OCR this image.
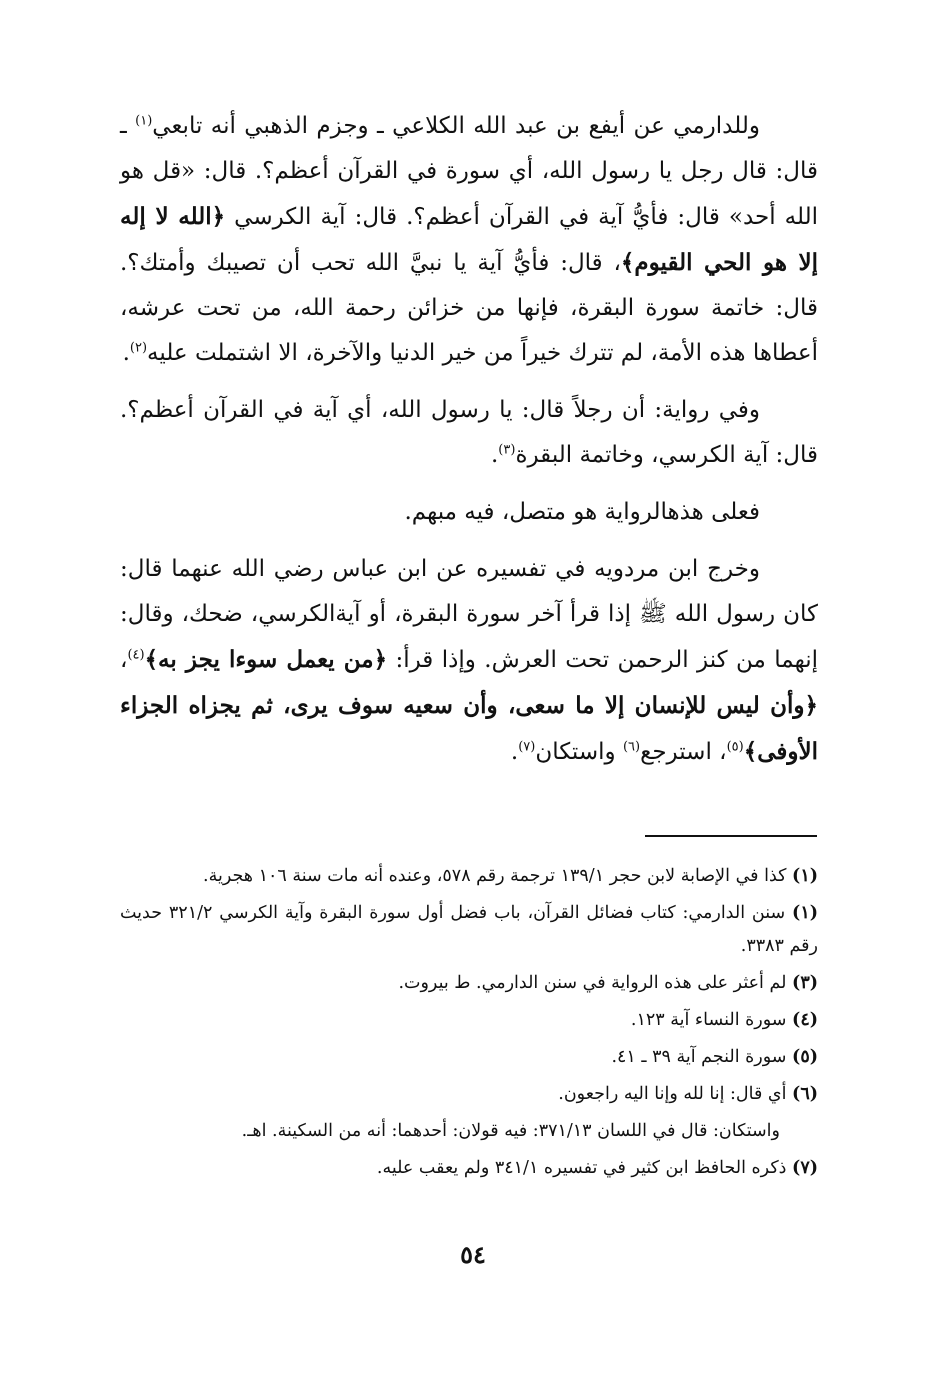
وللدارمي عن أيفع بن عبد الله الكلاعي ـ وجزم الذهبي أنه تابعي$^{(١)}$ ـ قال: قال رجل يا رسول الله، أي سورة في القرآن أعظم؟. قال: «قل هو الله أحد» قال: فأيُّ آية في القرآن أعظم؟. قال: آية الكرسي ﴿الله لا إله إلا هو الحي القيوم﴾، قال: فأيُّ آية يا نبيَّ الله تحب أن تصيبك وأمتك؟. قال: خاتمة سورة البقرة، فإنها من خزائن رحمة الله، من تحت عرشه، أعطاها هذه الأمة، لم تترك خيراً من خير الدنيا والآخرة، الا اشتملت عليه$^{(٢)}$.

وفي رواية: أن رجلاً قال: يا رسول الله، أي آية في القرآن أعظم؟. قال: آية الكرسي، وخاتمة البقرة$^{(٣)}$.

فعلى هذهالرواية هو متصل، فيه مبهم.

وخرج ابن مردويه في تفسيره عن ابن عباس رضي الله عنهما قال: كان رسول الله ﷺ إذا قرأ آخر سورة البقرة، أو آيةالكرسي، ضحك، وقال: إنهما من كنز الرحمن تحت العرش. وإذا قرأ: ﴿من يعمل سوءا يجز به﴾$^{(٤)}$، ﴿وأن ليس للإنسان إلا ما سعى، وأن سعيه سوف يرى، ثم يجزاه الجزاء الأوفى﴾$^{(٥)}$، استرجع$^{(٦)}$ واستكان$^{(٧)}$.

(١) كذا في الإصابة لابن حجر ١٣٩/١ ترجمة رقم ٥٧٨، وعنده أنه مات سنة ١٠٦ هجرية.

(١) سنن الدارمي: كتاب فضائل القرآن، باب فضل أول سورة البقرة وآية الكرسي ٣٢١/٢ حديث رقم ٣٣٨٣.

(٣) لم أعثر على هذه الرواية في سنن الدارمي. ط بيروت.

(٤) سورة النساء آية ١٢٣.

(٥) سورة النجم آية ٣٩ ـ ٤١.

(٦) أي قال: إنا لله وإنا اليه راجعون.

واستكان: قال في اللسان ٣٧١/١٣: فيه قولان: أحدهما: أنه من السكينة. اهـ.

(٧) ذكره الحافظ ابن كثير في تفسيره ٣٤١/١ ولم يعقب عليه.

٥٤
